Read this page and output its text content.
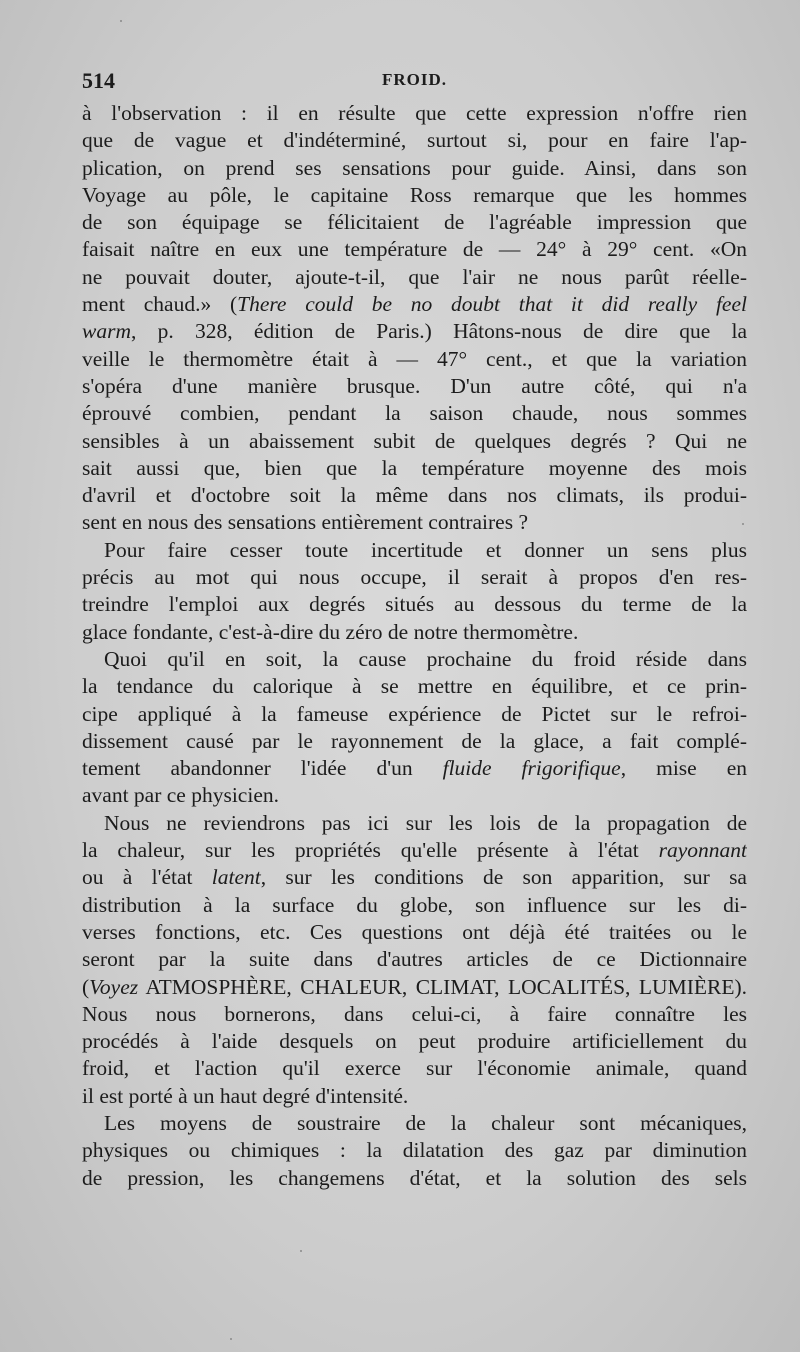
514	FROID.
à l'observation : il en résulte que cette expression n'offre rien
que de vague et d'indéterminé, surtout si, pour en faire l'ap-
plication, on prend ses sensations pour guide. Ainsi, dans son
Voyage au pôle, le capitaine Ross remarque que les hommes
de son équipage se félicitaient de l'agréable impression que
faisait naître en eux une température de — 24° à 29° cent. «On
ne pouvait douter, ajoute-t-il, que l'air ne nous parût réelle-
ment chaud.» (There could be no doubt that it did really feel
warm, p. 328, édition de Paris.) Hâtons-nous de dire que la
veille le thermomètre était à — 47° cent., et que la variation
s'opéra d'une manière brusque. D'un autre côté, qui n'a
éprouvé combien, pendant la saison chaude, nous sommes
sensibles à un abaissement subit de quelques degrés ? Qui ne
sait aussi que, bien que la température moyenne des mois
d'avril et d'octobre soit la même dans nos climats, ils produi-
sent en nous des sensations entièrement contraires ?
Pour faire cesser toute incertitude et donner un sens plus
précis au mot qui nous occupe, il serait à propos d'en res-
treindre l'emploi aux degrés situés au dessous du terme de la
glace fondante, c'est-à-dire du zéro de notre thermomètre.
Quoi qu'il en soit, la cause prochaine du froid réside dans
la tendance du calorique à se mettre en équilibre, et ce prin-
cipe appliqué à la fameuse expérience de Pictet sur le refroi-
dissement causé par le rayonnement de la glace, a fait complé-
tement abandonner l'idée d'un fluide frigorifique, mise en
avant par ce physicien.
Nous ne reviendrons pas ici sur les lois de la propagation de
la chaleur, sur les propriétés qu'elle présente à l'état rayonnant
ou à l'état latent, sur les conditions de son apparition, sur sa
distribution à la surface du globe, son influence sur les di-
verses fonctions, etc. Ces questions ont déjà été traitées ou le
seront par la suite dans d'autres articles de ce Dictionnaire
(Voyez ATMOSPHÈRE, CHALEUR, CLIMAT, LOCALITÉS, LUMIÈRE).
Nous nous bornerons, dans celui-ci, à faire connaître les
procédés à l'aide desquels on peut produire artificiellement du
froid, et l'action qu'il exerce sur l'économie animale, quand
il est porté à un haut degré d'intensité.
Les moyens de soustraire de la chaleur sont mécaniques,
physiques ou chimiques : la dilatation des gaz par diminution
de pression, les changemens d'état, et la solution des sels
